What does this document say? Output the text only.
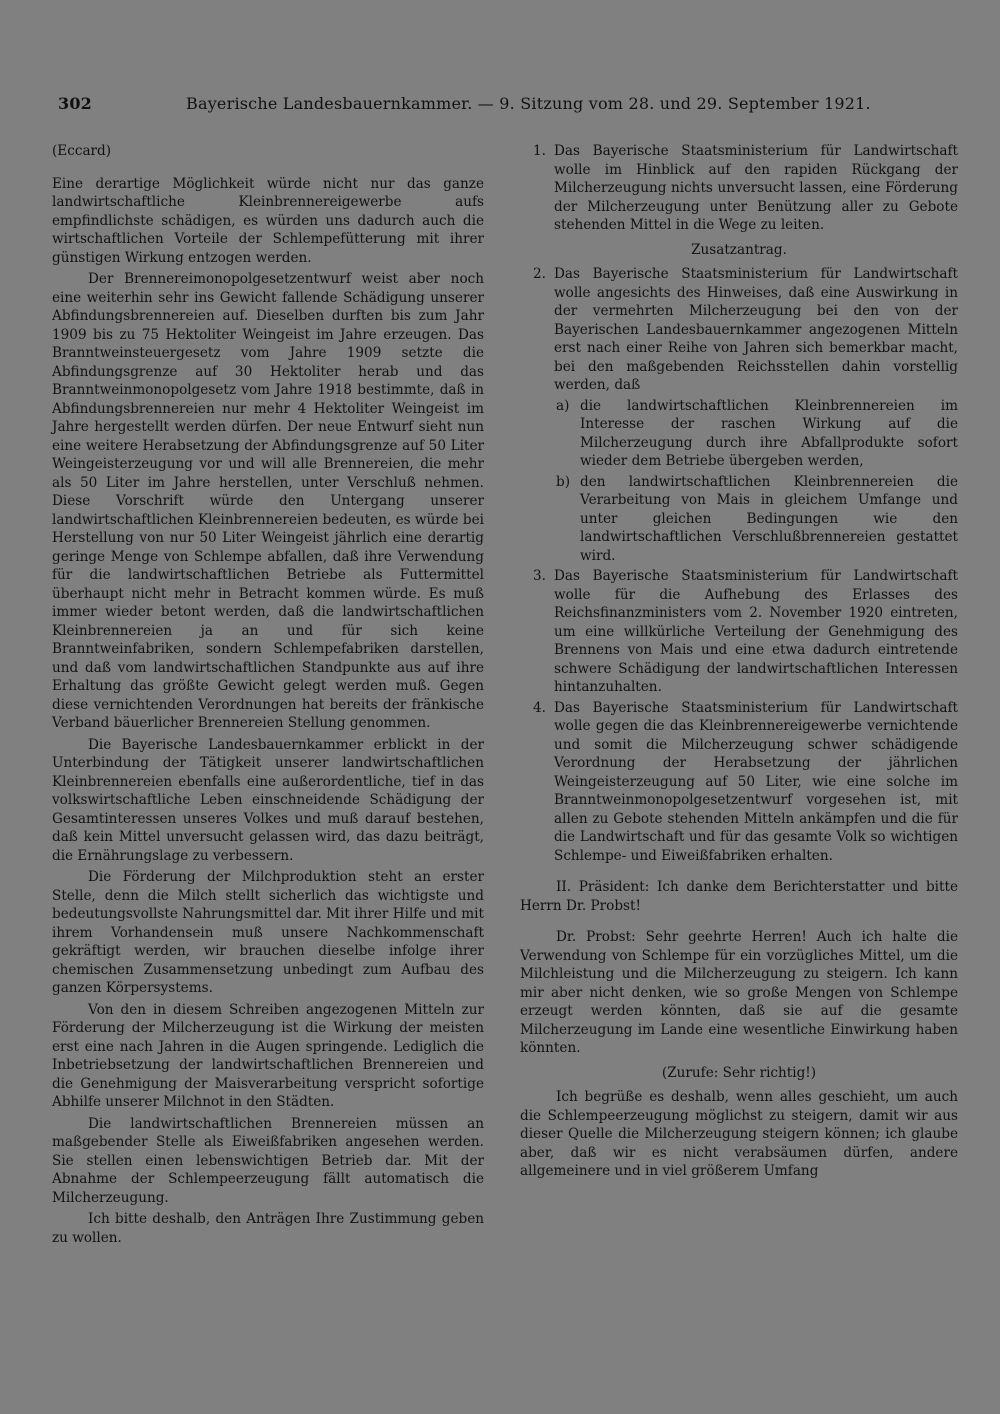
302	Bayerische Landesbauernkammer. — 9. Sitzung vom 28. und 29. September 1921.
(Eccard)

Eine derartige Möglichkeit würde nicht nur das ganze landwirtschaftliche Kleinbrennereigewerbe aufs empfindlichste schädigen, es würden uns dadurch auch die wirtschaftlichen Vorteile der Schlempefütterung mit ihrer günstigen Wirkung entzogen werden.

Der Brennereimonopolgesetzentwurf weist aber noch eine weiterhin sehr ins Gewicht fallende Schädigung unserer Abfindungsbrennereien auf. Dieselben durften bis zum Jahr 1909 bis zu 75 Hektoliter Weingeist im Jahre erzeugen. Das Branntweinsteuergesetz vom Jahre 1909 setzte die Abfindungsgrenze auf 30 Hektoliter herab und das Branntweinmonopolgesetz vom Jahre 1918 bestimmte, daß in Abfindungsbrennereien nur mehr 4 Hektoliter Weingeist im Jahre hergestellt werden dürfen. Der neue Entwurf sieht nun eine weitere Herabsetzung der Abfindungsgrenze auf 50 Liter Weingeisterzeugung vor und will alle Brennereien, die mehr als 50 Liter im Jahre herstellen, unter Verschluß nehmen. Diese Vorschrift würde den Untergang unserer landwirtschaftlichen Kleinbrennereien bedeuten, es würde bei Herstellung von nur 50 Liter Weingeist jährlich eine derartig geringe Menge von Schlempe abfallen, daß ihre Verwendung für die landwirtschaftlichen Betriebe als Futtermittel überhaupt nicht mehr in Betracht kommen würde. Es muß immer wieder betont werden, daß die landwirtschaftlichen Kleinbrennereien ja an und für sich keine Branntweinfabriken, sondern Schlempefabriken darstellen, und daß vom landwirtschaftlichen Standpunkte aus auf ihre Erhaltung das größte Gewicht gelegt werden muß. Gegen diese vernichtenden Verordnungen hat bereits der fränkische Verband bäuerlicher Brennereien Stellung genommen.

Die Bayerische Landesbauernkammer erblickt in der Unterbindung der Tätigkeit unserer landwirtschaftlichen Kleinbrennereien ebenfalls eine außerordentliche, tief in das volkswirtschaftliche Leben einschneidende Schädigung der Gesamtinteressen unseres Volkes und muß darauf bestehen, daß kein Mittel unversucht gelassen wird, das dazu beiträgt, die Ernährungslage zu verbessern.

Die Förderung der Milchproduktion steht an erster Stelle, denn die Milch stellt sicherlich das wichtigste und bedeutungsvollste Nahrungsmittel dar. Mit ihrer Hilfe und mit ihrem Vorhandensein muß unsere Nachkommenschaft gekräftigt werden, wir brauchen dieselbe infolge ihrer chemischen Zusammensetzung unbedingt zum Aufbau des ganzen Körpersystems.

Von den in diesem Schreiben angezogenen Mitteln zur Förderung der Milcherzeugung ist die Wirkung der meisten erst eine nach Jahren in die Augen springende. Lediglich die Inbetriebsetzung der landwirtschaftlichen Brennereien und die Genehmigung der Maisverarbeitung verspricht sofortige Abhilfe unserer Milchnot in den Städten.

Die landwirtschaftlichen Brennereien müssen an maßgebender Stelle als Eiweißfabriken angesehen werden. Sie stellen einen lebenswichtigen Betrieb dar. Mit der Abnahme der Schlempeerzeugung fällt automatisch die Milcherzeugung.

Ich bitte deshalb, den Anträgen Ihre Zustimmung geben zu wollen.

1. Das Bayerische Staatsministerium für Landwirtschaft wolle im Hinblick auf den rapiden Rückgang der Milcherzeugung nichts unversucht lassen, eine Förderung der Milcherzeugung unter Benützung aller zu Gebote stehenden Mittel in die Wege zu leiten.
Zusatzantrag.
2. Das Bayerische Staatsministerium für Landwirtschaft wolle angesichts des Hinweises, daß eine Auswirkung in der vermehrten Milcherzeugung bei den von der Bayerischen Landesbauernkammer angezogenen Mitteln erst nach einer Reihe von Jahren sich bemerkbar macht, bei den maßgebenden Reichsstellen dahin vorstellig werden, daß
a) die landwirtschaftlichen Kleinbrennereien im Interesse der raschen Wirkung auf die Milcherzeugung durch ihre Abfallprodukte sofort wieder dem Betriebe übergeben werden,
b) den landwirtschaftlichen Kleinbrennereien die Verarbeitung von Mais in gleichem Umfange und unter gleichen Bedingungen wie den landwirtschaftlichen Verschlußbrennereien gestattet wird.
3. Das Bayerische Staatsministerium für Landwirtschaft wolle für die Aufhebung des Erlasses des Reichsfinanzministers vom 2. November 1920 eintreten, um eine willkürliche Verteilung der Genehmigung des Brennens von Mais und eine etwa dadurch eintretende schwere Schädigung der landwirtschaftlichen Interessen hintanzuhalten.
4. Das Bayerische Staatsministerium für Landwirtschaft wolle gegen die das Kleinbrennereigewerbe vernichtende und somit die Milcherzeugung schwer schädigende Verordnung der Herabsetzung der jährlichen Weingeisterzeugung auf 50 Liter, wie eine solche im Branntweinmonopolgesetzentwurf vorgesehen ist, mit allen zu Gebote stehenden Mitteln ankämpfen und die für die Landwirtschaft und für das gesamte Volk so wichtigen Schlempe- und Eiweißfabriken erhalten.

II. Präsident: Ich danke dem Berichterstatter und bitte Herrn Dr. Probst!

Dr. Probst: Sehr geehrte Herren! Auch ich halte die Verwendung von Schlempe für ein vorzügliches Mittel, um die Milchleistung und die Milcherzeugung zu steigern. Ich kann mir aber nicht denken, wie so große Mengen von Schlempe erzeugt werden könnten, daß sie auf die gesamte Milcherzeugung im Lande eine wesentliche Einwirkung haben könnten.

(Zurufe: Sehr richtig!)

Ich begrüße es deshalb, wenn alles geschieht, um auch die Schlempeerzeugung möglichst zu steigern, damit wir aus dieser Quelle die Milcherzeugung steigern können; ich glaube aber, daß wir es nicht verabsäumen dürfen, andere allgemeinere und in viel größerem Umfang
